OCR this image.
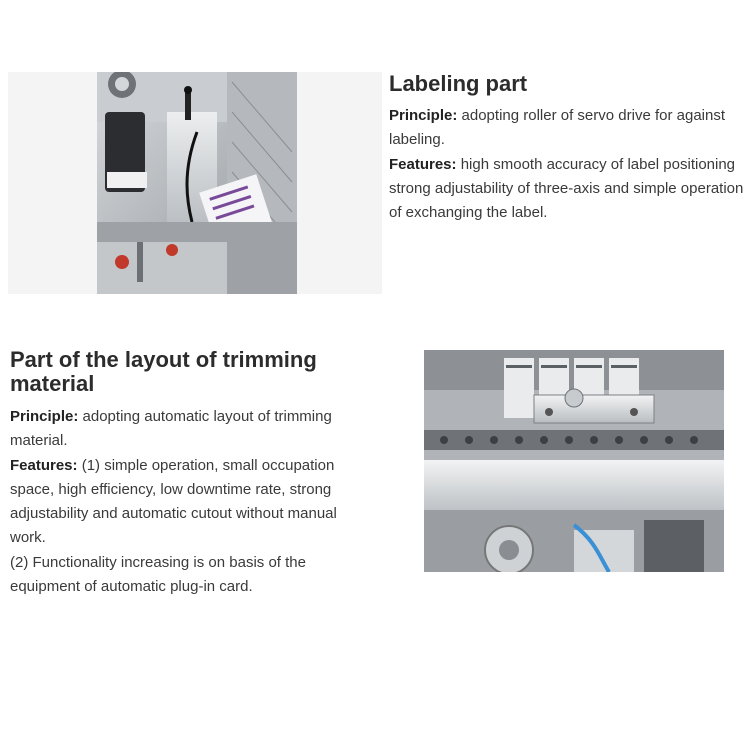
Labeling part

Principle: adopting roller of servo drive for against labeling.

Features: high smooth accuracy of label positioning strong adjustability of three-axis and simple operation of exchanging the label.

Part of the layout of trimming material

Principle: adopting automatic layout of trimming material.

Features: (1) simple operation, small occupation space, high efficiency, low downtime rate, strong adjustability and automatic cutout without manual work.

(2) Functionality increasing is on basis of the equipment of automatic plug-in card.
